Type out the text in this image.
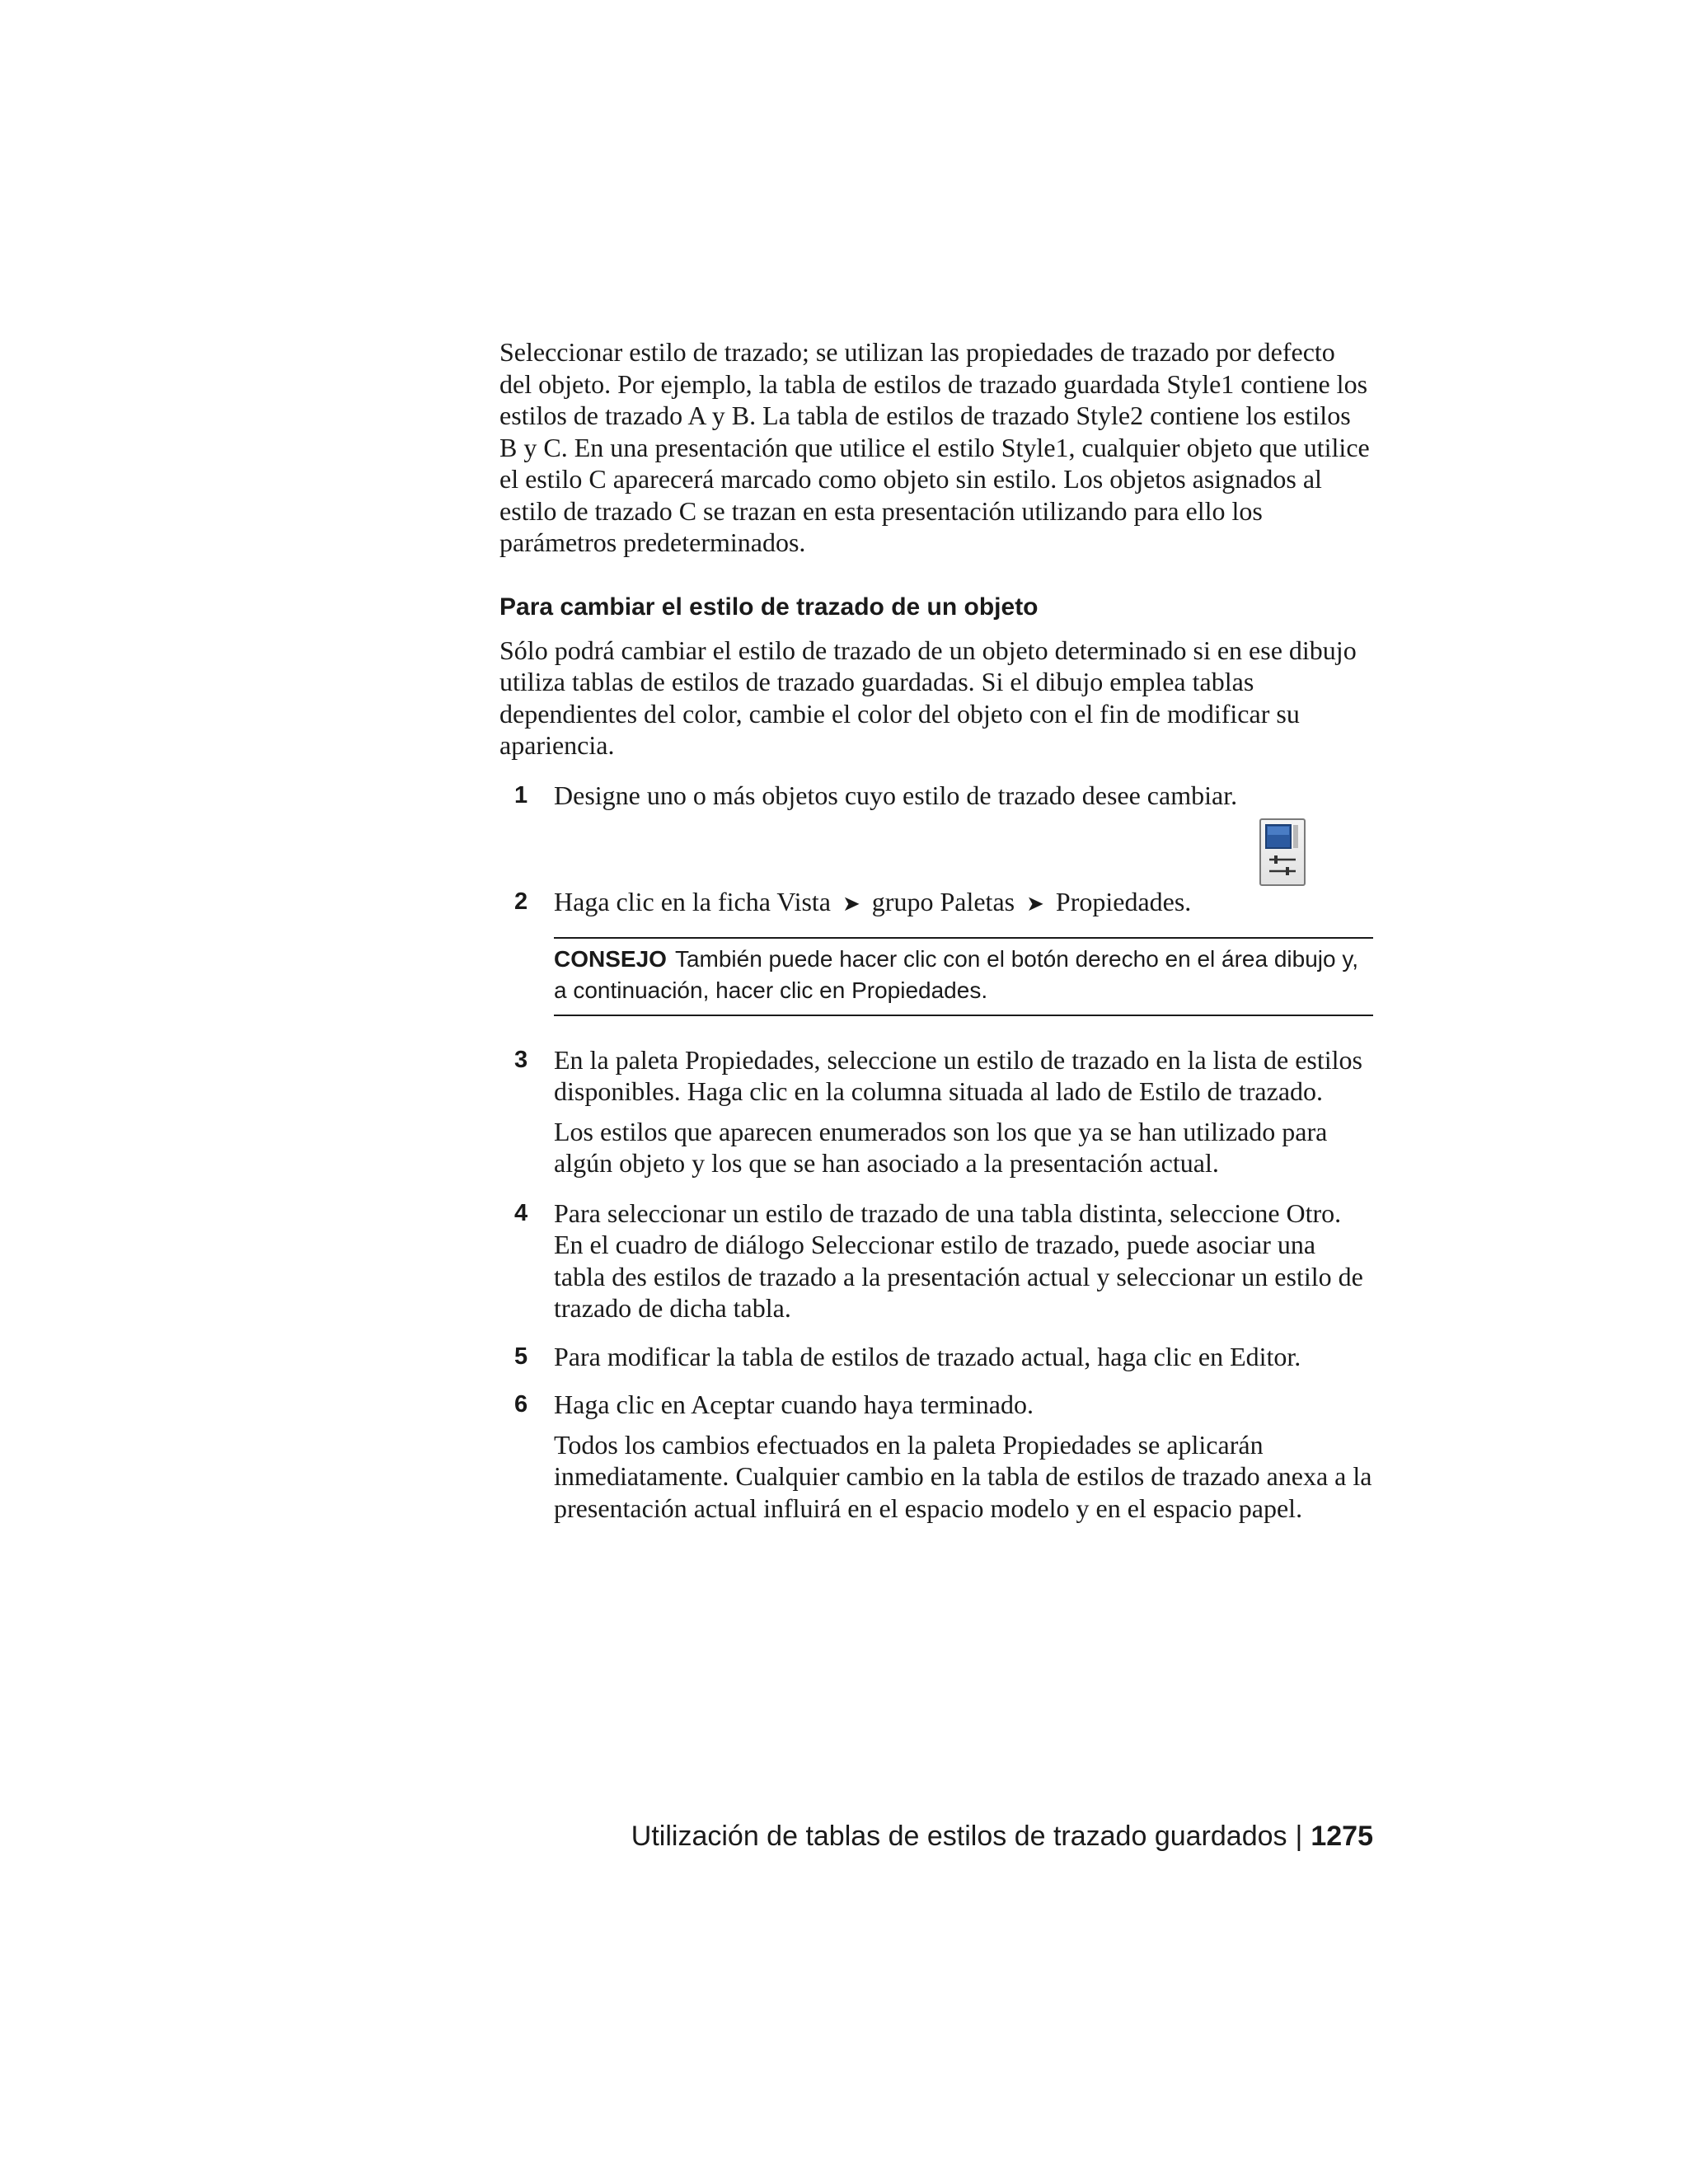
Seleccionar estilo de trazado; se utilizan las propiedades de trazado por defecto del objeto. Por ejemplo, la tabla de estilos de trazado guardada Style1 contiene los estilos de trazado A y B. La tabla de estilos de trazado Style2 contiene los estilos B y C. En una presentación que utilice el estilo Style1, cualquier objeto que utilice el estilo C aparecerá marcado como objeto sin estilo. Los objetos asignados al estilo de trazado C se trazan en esta presentación utilizando para ello los parámetros predeterminados.

Para cambiar el estilo de trazado de un objeto

Sólo podrá cambiar el estilo de trazado de un objeto determinado si en ese dibujo utiliza tablas de estilos de trazado guardadas. Si el dibujo emplea tablas dependientes del color, cambie el color del objeto con el fin de modificar su apariencia.

1 Designe uno o más objetos cuyo estilo de trazado desee cambiar.

2 Haga clic en la ficha Vista ➤ grupo Paletas ➤ Propiedades.

CONSEJO También puede hacer clic con el botón derecho en el área dibujo y, a continuación, hacer clic en Propiedades.

3 En la paleta Propiedades, seleccione un estilo de trazado en la lista de estilos disponibles. Haga clic en la columna situada al lado de Estilo de trazado.

Los estilos que aparecen enumerados son los que ya se han utilizado para algún objeto y los que se han asociado a la presentación actual.

4 Para seleccionar un estilo de trazado de una tabla distinta, seleccione Otro. En el cuadro de diálogo Seleccionar estilo de trazado, puede asociar una tabla des estilos de trazado a la presentación actual y seleccionar un estilo de trazado de dicha tabla.

5 Para modificar la tabla de estilos de trazado actual, haga clic en Editor.

6 Haga clic en Aceptar cuando haya terminado.

Todos los cambios efectuados en la paleta Propiedades se aplicarán inmediatamente. Cualquier cambio en la tabla de estilos de trazado anexa a la presentación actual influirá en el espacio modelo y en el espacio papel.

Utilización de tablas de estilos de trazado guardados | 1275
